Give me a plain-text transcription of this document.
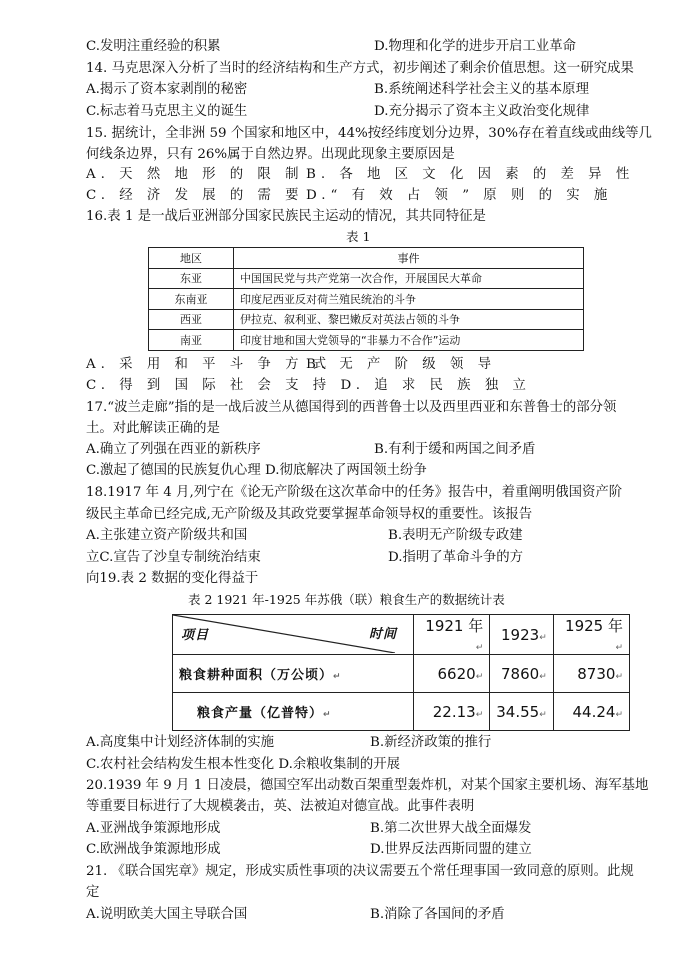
C.发明注重经验的积累	D.物理和化学的进步开启工业革命
14. 马克思深入分析了当时的经济结构和生产方式，初步阐述了剩余价值思想。这一研究成果
A.揭示了资本家剥削的秘密	B.系统阐述科学社会主义的基本原理
C.标志着马克思主义的诞生	D.充分揭示了资本主义政治变化规律
15. 据统计，全非洲 59 个国家和地区中，44%按经纬度划分边界，30%存在着直线或曲线等几
何线条边界，只有 26%属于自然边界。出现此现象主要原因是
A. 天 然 地 形 的 限 制 B. 各 地 区 文 化 因 素 的 差 异 性
C. 经 济 发 展 的 需 要 D.“ 有 效 占 领 ” 原 则 的 实 施
16.表 1 是一战后亚洲部分国家民族民主运动的情况，其共同特征是
表 1
地区	事件
东亚	中国国民党与共产党第一次合作，开展国民大革命
东南亚	印度尼西亚反对荷兰殖民统治的斗争
西亚	伊拉克、叙利亚、黎巴嫩反对英法占领的斗争
南亚	印度甘地和国大党领导的“非暴力不合作”运动
A. 采 用 和 平 斗 争 方 式
B. 无 产 阶 级 领 导
C. 得 到 国 际 社 会 支 持 D. 追 求 民 族 独 立
17.“波兰走廊”指的是一战后波兰从德国得到的西普鲁士以及西里西亚和东普鲁士的部分领
土。对此解读正确的是
A.确立了列强在西亚的新秩序	B.有利于缓和两国之间矛盾
C.激起了德国的民族复仇心理 D.彻底解决了两国领土纷争
18.1917 年 4 月,列宁在《论无产阶级在这次革命中的任务》报告中，着重阐明俄国资产阶
级民主革命已经完成,无产阶级及其政党要掌握革命领导权的重要性。该报告
A.主张建立资产阶级共和国	B.表明无产阶级专政建
立C.宣告了沙皇专制统治结束	D.指明了革命斗争的方
向19.表 2 数据的变化得益于
表 2 1921 年-1925 年苏俄（联）粮食生产的数据统计表
项目 时间	1921 年↵	1923↵	1925 年↵
粮食耕种面积（万公顷）↵	6620↵	7860↵	8730↵
粮食产量（亿普特）↵	22.13↵	34.55↵	44.24↵
A.高度集中计划经济体制的实施	B.新经济政策的推行
C.农村社会结构发生根本性变化 D.余粮收集制的开展
20.1939 年 9 月 1 日凌晨，德国空军出动数百架重型轰炸机，对某个国家主要机场、海军基地
等重要目标进行了大规模袭击，英、法被迫对德宣战。此事件表明
A.亚洲战争策源地形成	B.第二次世界大战全面爆发
C.欧洲战争策源地形成	D.世界反法西斯同盟的建立
21. 《联合国宪章》规定，形成实质性事项的决议需要五个常任理事国一致同意的原则。此规
定
A.说明欧美大国主导联合国	B.消除了各国间的矛盾
